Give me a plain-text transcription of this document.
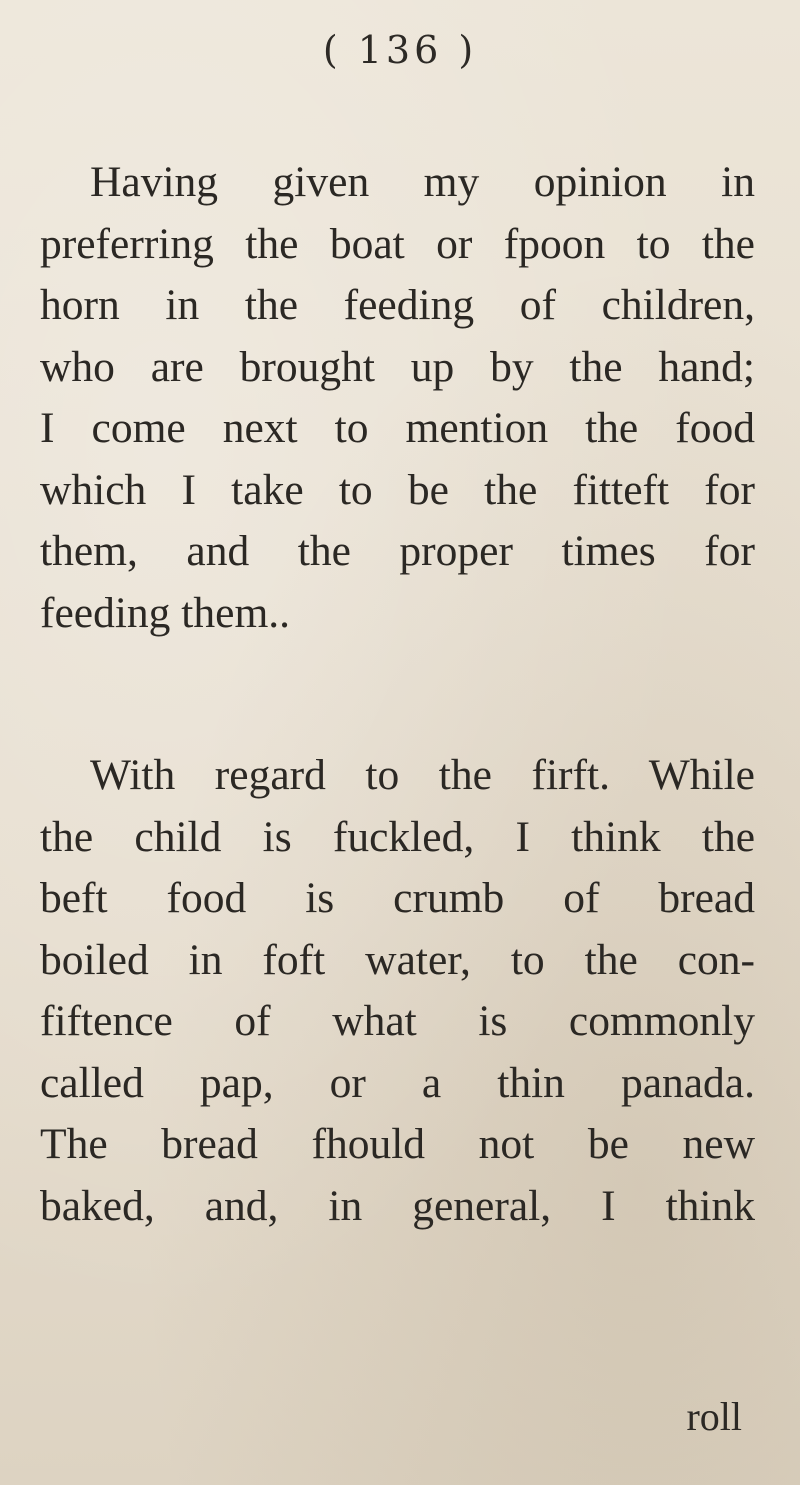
( 136 )
Having given my opinion in
preferring the boat or fpoon to the
horn in the feeding of children,
who are brought up by the hand;
I come next to mention the food
which I take to be the fitteft for
them, and the proper times for
feeding them..
With regard to the firft. While
the child is fuckled, I think the
beft food is crumb of bread
boiled in foft water, to the con-
fiftence of what is commonly
called pap, or a thin panada.
The bread fhould not be new
baked, and, in general, I think
roll
